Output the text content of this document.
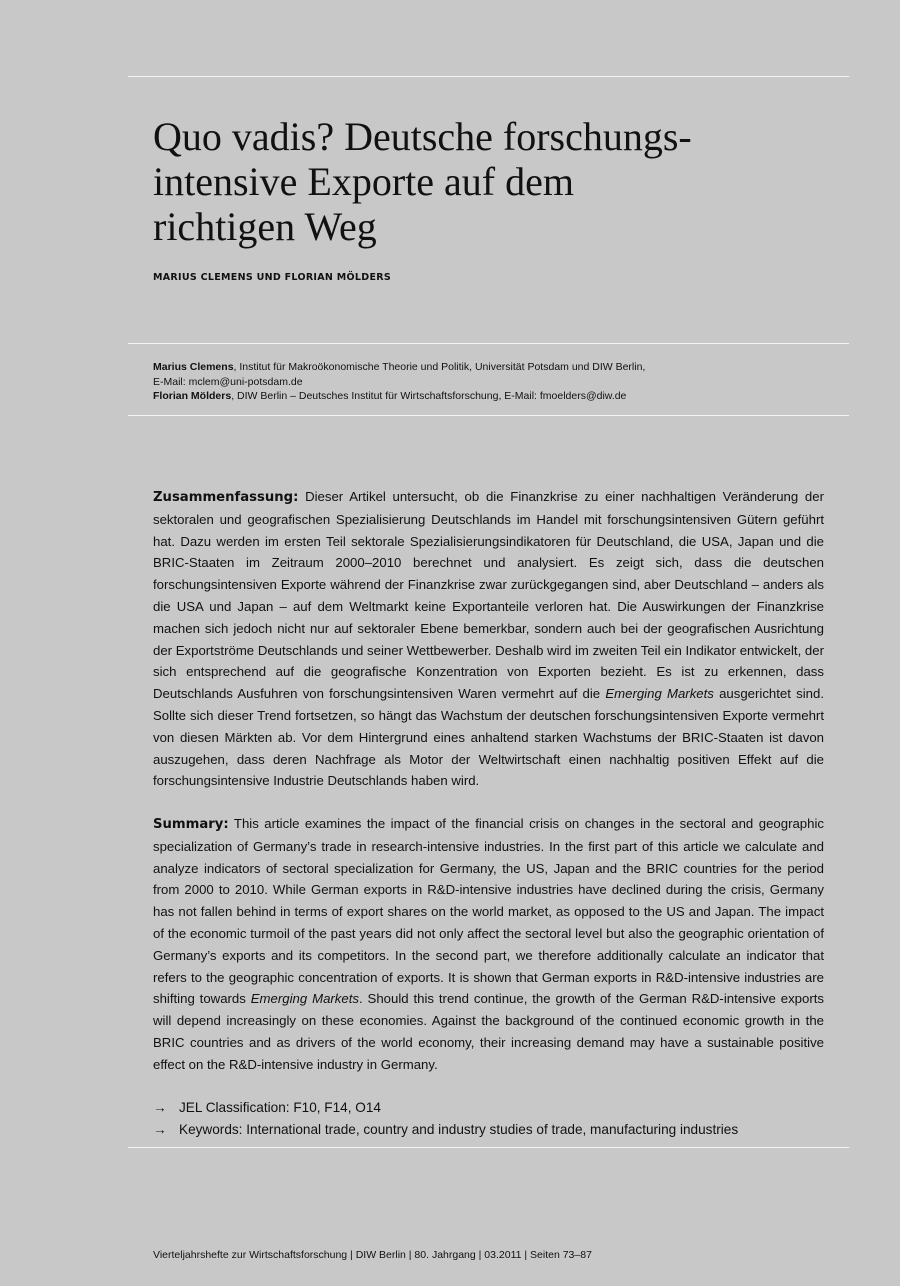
Quo vadis? Deutsche forschungs-
intensive Exporte auf dem
richtigen Weg
MARIUS CLEMENS UND FLORIAN MÖLDERS
Marius Clemens, Institut für Makroökonomische Theorie und Politik, Universität Potsdam und DIW Berlin,
E-Mail: mclem@uni-potsdam.de
Florian Mölders, DIW Berlin – Deutsches Institut für Wirtschaftsforschung, E-Mail: fmoelders@diw.de

Zusammenfassung: Dieser Artikel untersucht, ob die Finanzkrise zu einer nachhaltigen Veränderung der sektoralen und geografischen Spezialisierung Deutschlands im Handel mit forschungsintensiven Gütern geführt hat. Dazu werden im ersten Teil sektorale Spezialisierungsindikatoren für Deutschland, die USA, Japan und die BRIC-Staaten im Zeitraum 2000–2010 berechnet und analysiert. Es zeigt sich, dass die deutschen forschungsintensiven Exporte während der Finanzkrise zwar zurückgegangen sind, aber Deutschland – anders als die USA und Japan – auf dem Weltmarkt keine Exportanteile verloren hat. Die Auswirkungen der Finanzkrise machen sich jedoch nicht nur auf sektoraler Ebene bemerkbar, sondern auch bei der geografischen Ausrichtung der Exportströme Deutschlands und seiner Wettbewerber. Deshalb wird im zweiten Teil ein Indikator entwickelt, der sich entsprechend auf die geografische Konzentration von Exporten bezieht. Es ist zu erkennen, dass Deutschlands Ausfuhren von forschungsintensiven Waren vermehrt auf die Emerging Markets ausgerichtet sind. Sollte sich dieser Trend fortsetzen, so hängt das Wachstum der deutschen forschungsintensiven Exporte vermehrt von diesen Märkten ab. Vor dem Hintergrund eines anhaltend starken Wachstums der BRIC-Staaten ist davon auszugehen, dass deren Nachfrage als Motor der Weltwirtschaft einen nachhaltig positiven Effekt auf die forschungsintensive Industrie Deutschlands haben wird.

Summary: This article examines the impact of the financial crisis on changes in the sectoral and geographic specialization of Germany’s trade in research-intensive industries. In the first part of this article we calculate and analyze indicators of sectoral specialization for Germany, the US, Japan and the BRIC countries for the period from 2000 to 2010. While German exports in R&D-intensive industries have declined during the crisis, Germany has not fallen behind in terms of export shares on the world market, as opposed to the US and Japan. The impact of the economic turmoil of the past years did not only affect the sectoral level but also the geographic orientation of Germany’s exports and its competitors. In the second part, we therefore additionally calculate an indicator that refers to the geographic concentration of exports. It is shown that German exports in R&D-intensive industries are shifting towards Emerging Markets. Should this trend continue, the growth of the German R&D-intensive exports will depend increasingly on these economies. Against the background of the continued economic growth in the BRIC countries and as drivers of the world economy, their increasing demand may have a sustainable positive effect on the R&D-intensive industry in Germany.

→ JEL Classification: F10, F14, O14
→ Keywords: International trade, country and industry studies of trade, manufacturing industries
Vierteljahrshefte zur Wirtschaftsforschung | DIW Berlin | 80. Jahrgang | 03.2011 | Seiten 73–87
